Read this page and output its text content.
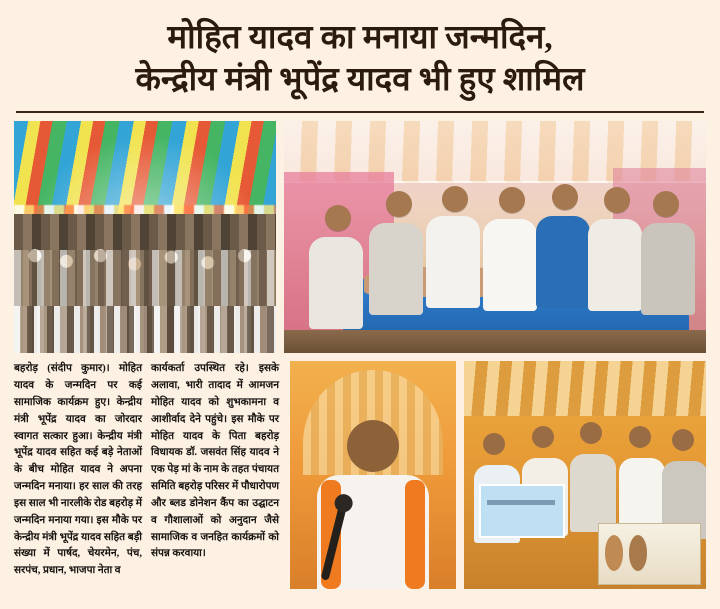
मोहित यादव का मनाया जन्मदिन,
केन्द्रीय मंत्री भूपेंद्र यादव भी हुए शामिल
बहरोड़ (संदीप कुमार)। मोहित यादव के जन्मदिन पर कई सामाजिक कार्यक्रम हुए। केन्द्रीय मंत्री भूपेंद्र यादव का जोरदार स्वागत सत्कार हुआ। केन्द्रीय मंत्री भूपेंद्र यादव सहित कई बड़े नेताओं के बीच मोहित यादव ने अपना जन्मदिन मनाया। हर साल की तरह इस साल भी नारलीके रोड बहरोड़ में जन्मदिन मनाया गया। इस मौके पर केन्द्रीय मंत्री भूपेंद्र यादव सहित बड़ी संख्या में पार्षद, चेयरमेन, पंच, सरपंच, प्रधान, भाजपा नेता व
कार्यकर्ता उपस्थित रहे। इसके अलावा, भारी तादाद में आमजन मोहित यादव को शुभकामना व आशीर्वाद देने पहुंचे। इस मौके पर मोहित यादव के पिता बहरोड़ विधायक डॉ. जसवंत सिंह यादव ने एक पेड़ मां के नाम के तहत पंचायत समिति बहरोड़ परिसर में पौधारोपण और ब्लड डोनेशन कैंप का उद्घाटन व गौशालाओं को अनुदान जैसे सामाजिक व जनहित कार्यक्रमों को संपन्न करवाया।
